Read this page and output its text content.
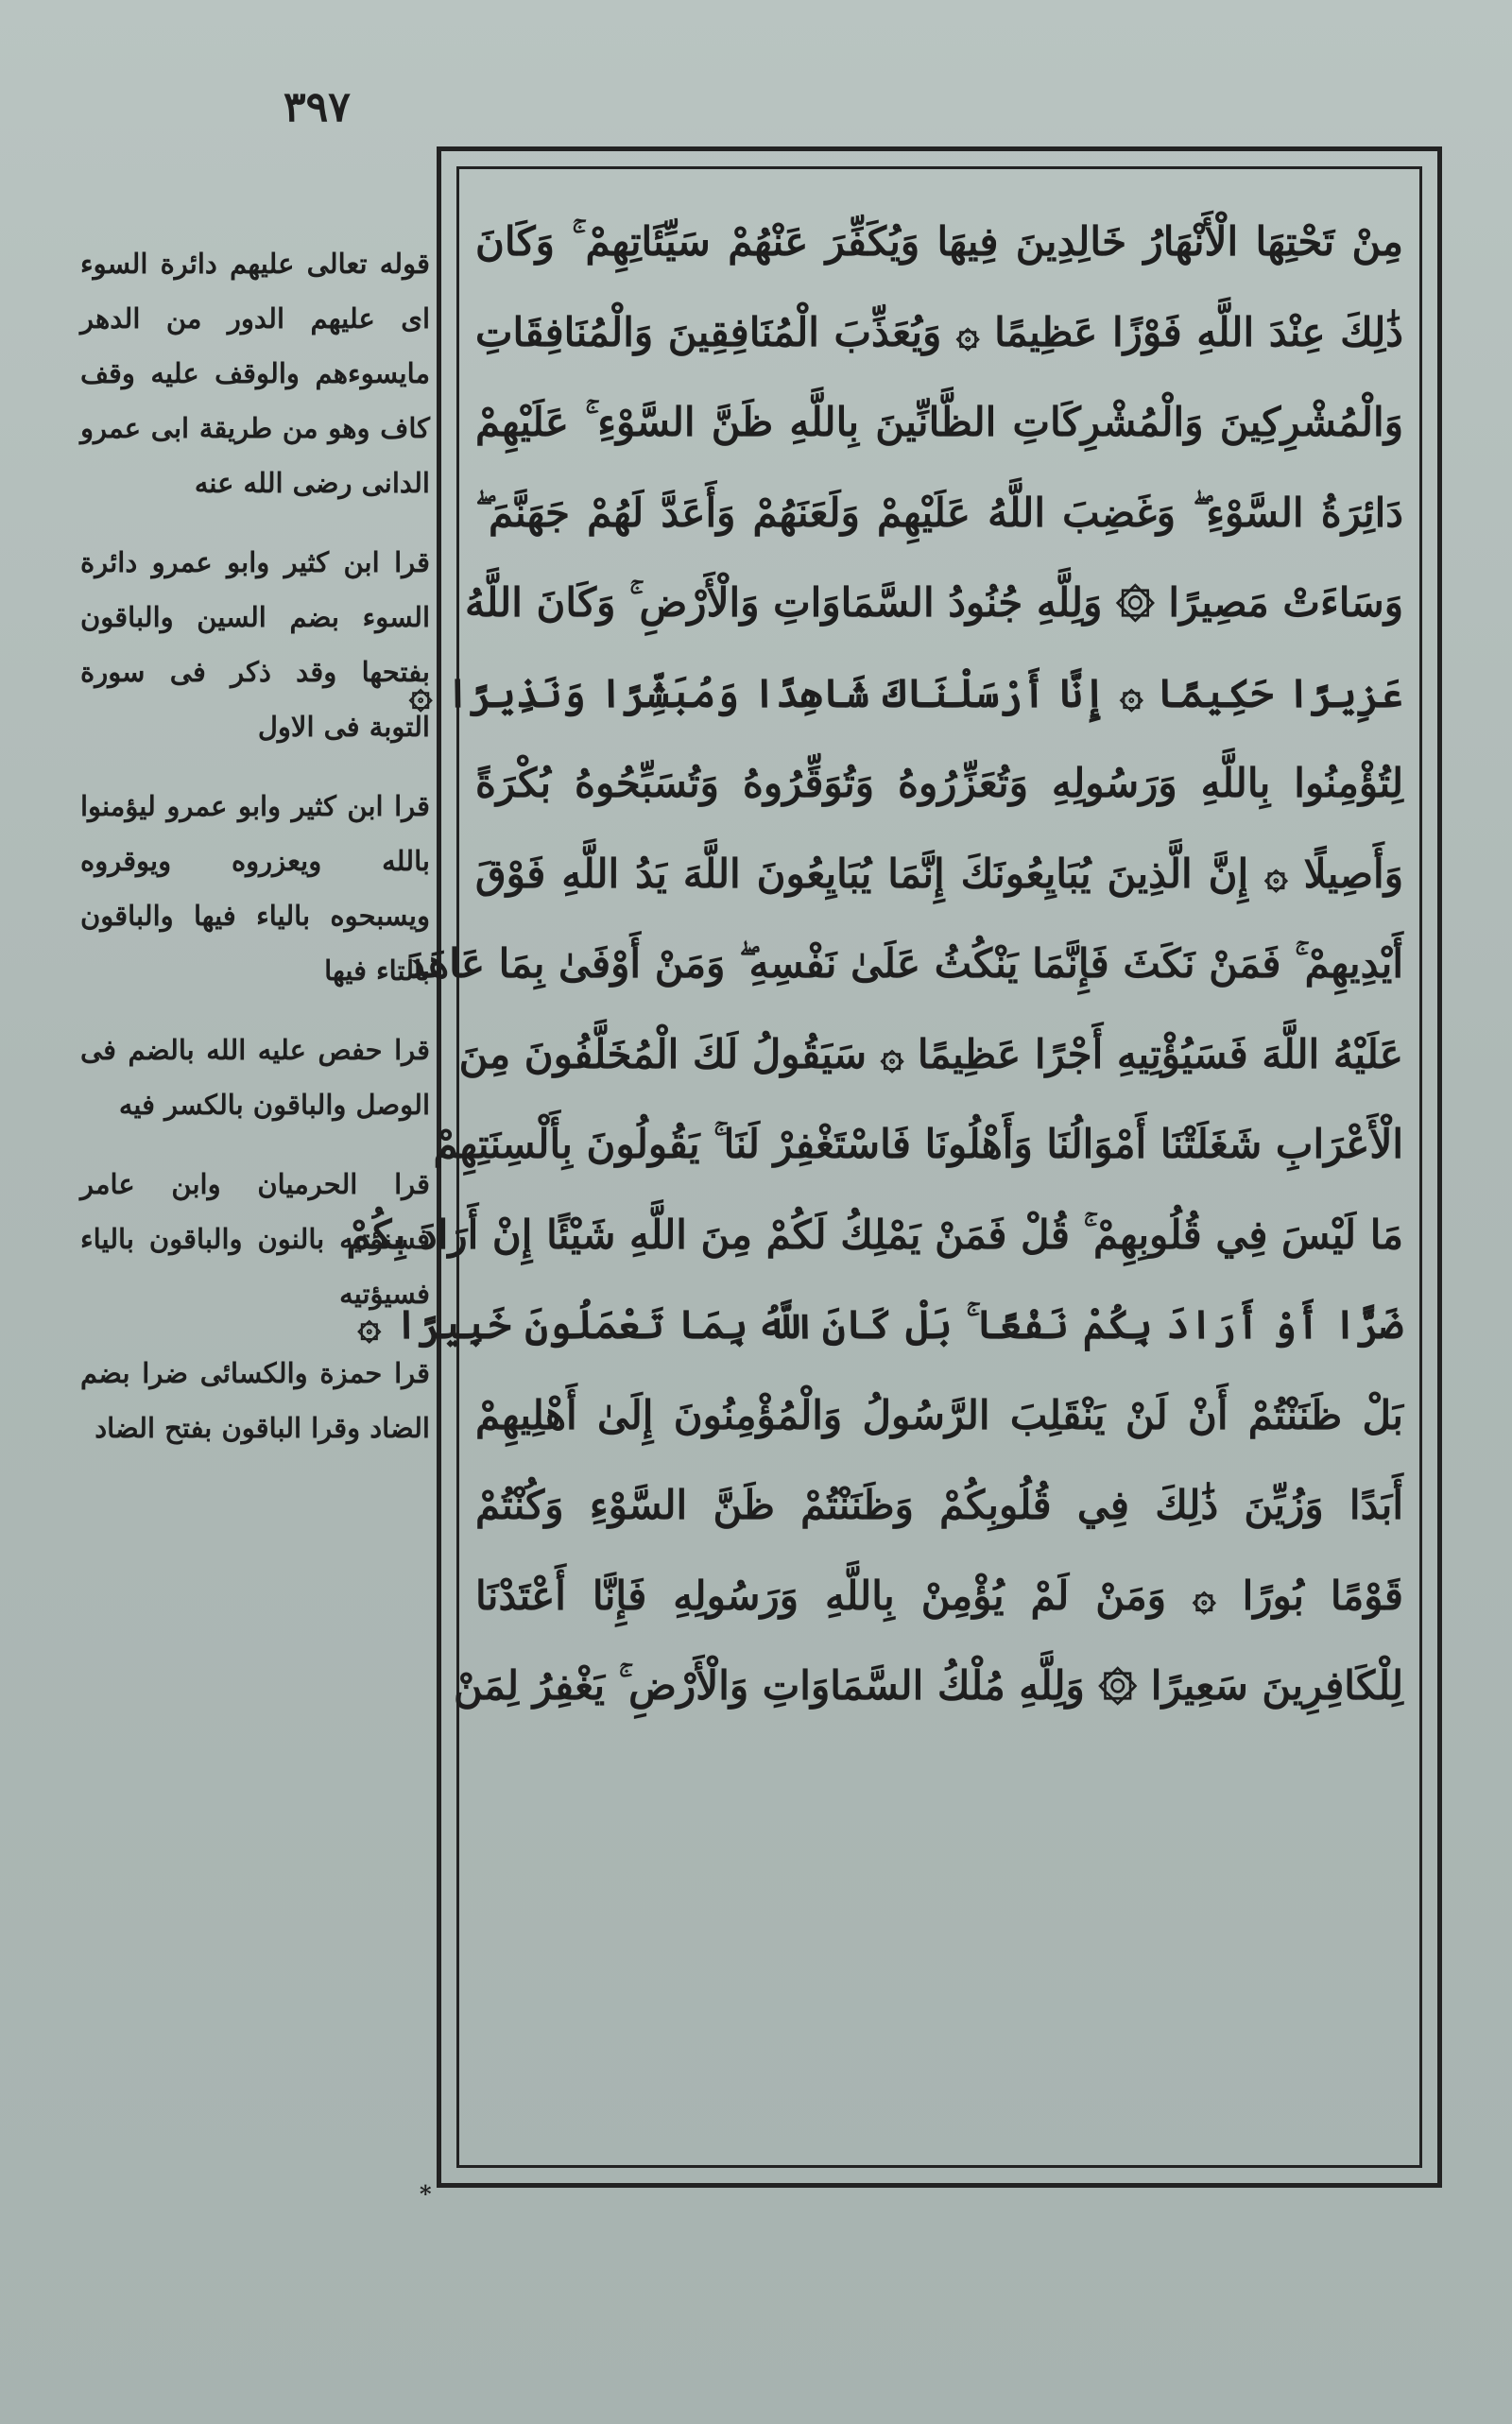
٣٩٧

قوله تعالى عليهم دائرة السوء اى عليهم الدور من الدهر مايسوءهم والوقف عليه وقف كاف وهو من طريقة ابى عمرو الدانى رضى الله عنه

قرا ابن كثير وابو عمرو دائرة السوء بضم السين والباقون بفتحها وقد ذكر فى سورة التوبة فى الاول

قرا ابن كثير وابو عمرو ليؤمنوا بالله ويعزروه ويوقروه ويسبحوه بالياء فيها والباقون بالتاء فيها

قرا حفص عليه الله بالضم فى الوصل والباقون بالكسر فيه

قرا الحرميان وابن عامر فسنؤتيه بالنون والباقون بالياء فسيؤتيه

قرا حمزة والكسائى ضرا بضم الضاد وقرا الباقون بفتح الضاد

مِنْ تَحْتِهَا الْأَنْهَارُ خَالِدِينَ فِيهَا وَيُكَفِّرَ عَنْهُمْ سَيِّئَاتِهِمْ ۚ وَكَانَ
ذَٰلِكَ عِنْدَ اللَّهِ فَوْزًا عَظِيمًا ۞ وَيُعَذِّبَ الْمُنَافِقِينَ وَالْمُنَافِقَاتِ
وَالْمُشْرِكِينَ وَالْمُشْرِكَاتِ الظَّانِّينَ بِاللَّهِ ظَنَّ السَّوْءِ ۚ عَلَيْهِمْ
دَائِرَةُ السَّوْءِ ۖ وَغَضِبَ اللَّهُ عَلَيْهِمْ وَلَعَنَهُمْ وَأَعَدَّ لَهُمْ جَهَنَّمَ ۖ
وَسَاءَتْ مَصِيرًا ۞ وَلِلَّهِ جُنُودُ السَّمَاوَاتِ وَالْأَرْضِ ۚ وَكَانَ اللَّهُ
عَزِيزًا حَكِيمًا ۞ إِنَّا أَرْسَلْنَاكَ شَاهِدًا وَمُبَشِّرًا وَنَذِيرًا ۞
لِتُؤْمِنُوا بِاللَّهِ وَرَسُولِهِ وَتُعَزِّرُوهُ وَتُوَقِّرُوهُ وَتُسَبِّحُوهُ بُكْرَةً
وَأَصِيلًا ۞ إِنَّ الَّذِينَ يُبَايِعُونَكَ إِنَّمَا يُبَايِعُونَ اللَّهَ يَدُ اللَّهِ فَوْقَ
أَيْدِيهِمْ ۚ فَمَنْ نَكَثَ فَإِنَّمَا يَنْكُثُ عَلَىٰ نَفْسِهِ ۖ وَمَنْ أَوْفَىٰ بِمَا عَاهَدَ
عَلَيْهُ اللَّهَ فَسَيُؤْتِيهِ أَجْرًا عَظِيمًا ۞ سَيَقُولُ لَكَ الْمُخَلَّفُونَ مِنَ
الْأَعْرَابِ شَغَلَتْنَا أَمْوَالُنَا وَأَهْلُونَا فَاسْتَغْفِرْ لَنَا ۚ يَقُولُونَ بِأَلْسِنَتِهِمْ
مَا لَيْسَ فِي قُلُوبِهِمْ ۚ قُلْ فَمَنْ يَمْلِكُ لَكُمْ مِنَ اللَّهِ شَيْئًا إِنْ أَرَادَ بِكُمْ
ضَرًّا أَوْ أَرَادَ بِكُمْ نَفْعًا ۚ بَلْ كَانَ اللَّهُ بِمَا تَعْمَلُونَ خَبِيرًا ۞
بَلْ ظَنَنْتُمْ أَنْ لَنْ يَنْقَلِبَ الرَّسُولُ وَالْمُؤْمِنُونَ إِلَىٰ أَهْلِيهِمْ
أَبَدًا وَزُيِّنَ ذَٰلِكَ فِي قُلُوبِكُمْ وَظَنَنْتُمْ ظَنَّ السَّوْءِ وَكُنْتُمْ
قَوْمًا بُورًا ۞ وَمَنْ لَمْ يُؤْمِنْ بِاللَّهِ وَرَسُولِهِ فَإِنَّا أَعْتَدْنَا
لِلْكَافِرِينَ سَعِيرًا ۞ وَلِلَّهِ مُلْكُ السَّمَاوَاتِ وَالْأَرْضِ ۚ يَغْفِرُ لِمَنْ
*
